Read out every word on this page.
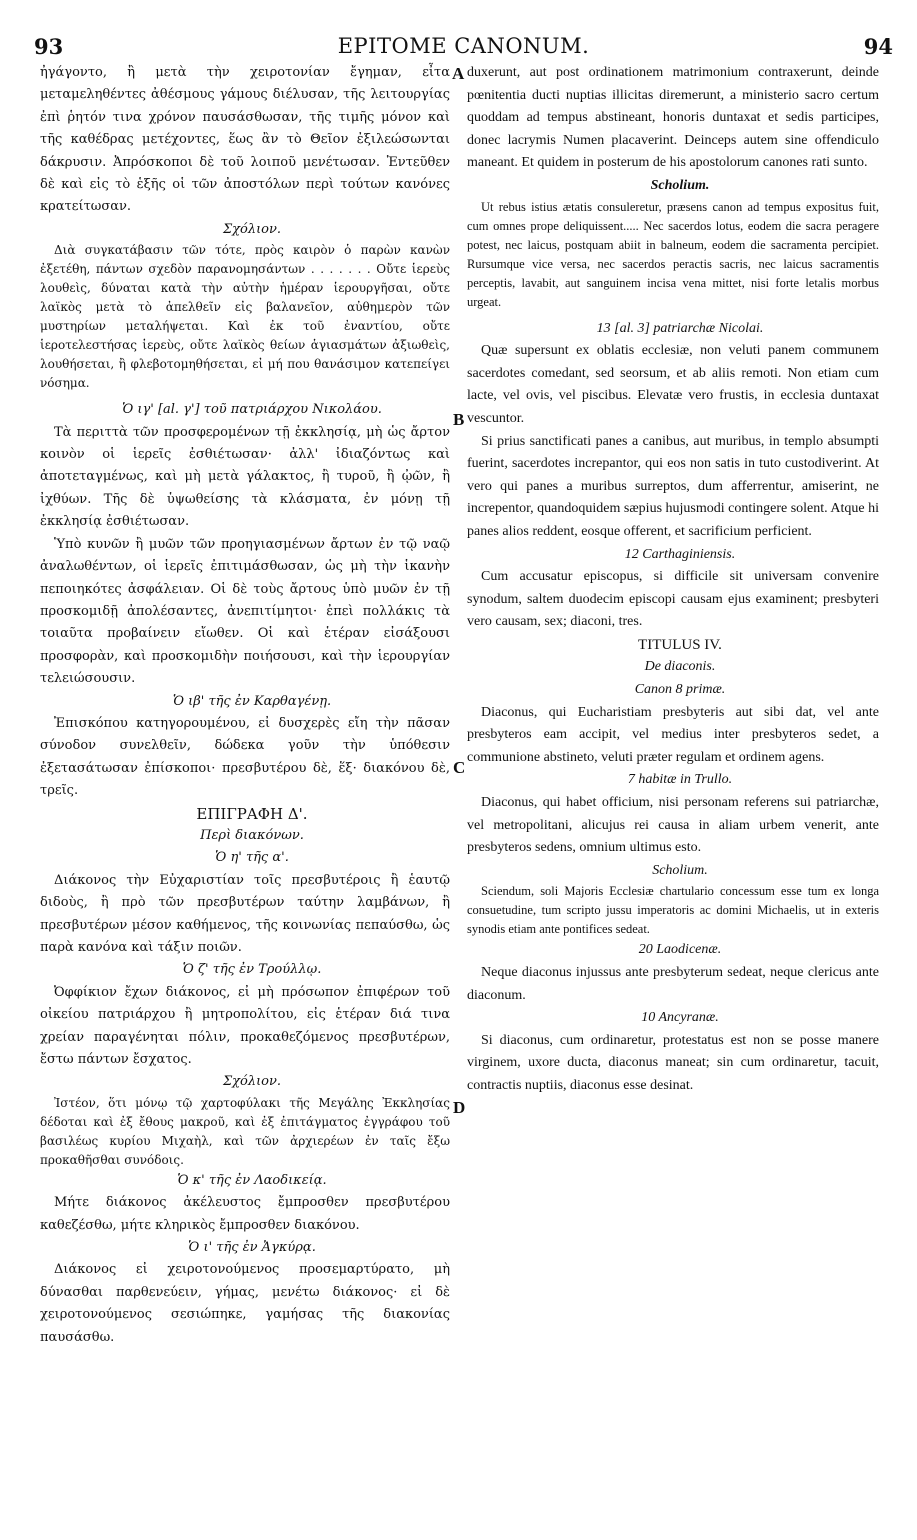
93	EPITOME CANONUM.	94
A
B
C
D

ἠγάγοντο, ἢ μετὰ τὴν χειροτονίαν ἔγημαν, εἶτα μεταμεληθέντες ἀθέσμους γάμους διέλυσαν, τῆς λειτουργίας ἐπὶ ῥητόν τινα χρόνον παυσάσθωσαν, τῆς τιμῆς μόνον καὶ τῆς καθέδρας μετέχοντες, ἕως ἂν τὸ Θεῖον ἐξιλεώσωνται δάκρυσιν. Ἀπρόσκοποι δὲ τοῦ λοιποῦ μενέτωσαν. Ἐντεῦθεν δὲ καὶ εἰς τὸ ἑξῆς οἱ τῶν ἀποστόλων περὶ τούτων κανόνες κρατείτωσαν.

Σχόλιον.

Διὰ συγκατάβασιν τῶν τότε, πρὸς καιρὸν ὁ παρὼν κανὼν ἐξετέθη, πάντων σχεδὸν παρανομησάντων . . . . . . . Οὔτε ἱερεὺς λουθεὶς, δύναται κατὰ τὴν αὐτὴν ἡμέραν ἱερουργῆσαι, οὔτε λαϊκὸς μετὰ τὸ ἀπελθεῖν εἰς βαλανεῖον, αὐθημερὸν τῶν μυστηρίων μεταλήψεται. Καὶ ἐκ τοῦ ἐναντίου, οὔτε ἱεροτελεστήσας ἱερεὺς, οὔτε λαϊκὸς θείων ἁγιασμάτων ἀξιωθεὶς, λουθήσεται, ἢ φλεβοτομηθήσεται, εἰ μή που θανάσιμον κατεπείγει νόσημα.

Ὁ ιγ' [al. γ'] τοῦ πατριάρχου Νικολάου.

Τὰ περιττὰ τῶν προσφερομένων τῇ ἐκκλησίᾳ, μὴ ὡς ἄρτον κοινὸν οἱ ἱερεῖς ἐσθιέτωσαν· ἀλλ' ἰδιαζόντως καὶ ἀποτεταγμένως, καὶ μὴ μετὰ γάλακτος, ἢ τυροῦ, ἢ ᾠῶν, ἢ ἰχθύων. Τῆς δὲ ὑψωθείσης τὰ κλάσματα, ἐν μόνῃ τῇ ἐκκλησίᾳ ἐσθιέτωσαν.

Ὑπὸ κυνῶν ἢ μυῶν τῶν προηγιασμένων ἄρτων ἐν τῷ ναῷ ἀναλωθέντων, οἱ ἱερεῖς ἐπιτιμάσθωσαν, ὡς μὴ τὴν ἱκανὴν πεποιηκότες ἀσφάλειαν. Οἱ δὲ τοὺς ἄρτους ὑπὸ μυῶν ἐν τῇ προσκομιδῇ ἀπολέσαντες, ἀνεπιτίμητοι· ἐπεὶ πολλάκις τὰ τοιαῦτα προβαίνειν εἴωθεν. Οἱ καὶ ἑτέραν εἰσάξουσι προσφορὰν, καὶ προσκομιδὴν ποιήσουσι, καὶ τὴν ἱερουργίαν τελειώσουσιν.

Ὁ ιβ' τῆς ἐν Καρθαγένῃ.

Ἐπισκόπου κατηγορουμένου, εἰ δυσχερὲς εἴη τὴν πᾶσαν σύνοδον συνελθεῖν, δώδεκα γοῦν τὴν ὑπόθεσιν ἐξετασάτωσαν ἐπίσκοποι· πρεσβυτέρου δὲ, ἕξ· διακόνου δὲ, τρεῖς.

ΕΠΙΓΡΑΦΗ Δ'.

Περὶ διακόνων.

Ὁ η' τῆς α'.

Διάκονος τὴν Εὐχαριστίαν τοῖς πρεσβυτέροις ἢ ἑαυτῷ διδοὺς, ἢ πρὸ τῶν πρεσβυτέρων ταύτην λαμβάνων, ἢ πρεσβυτέρων μέσον καθήμενος, τῆς κοινωνίας πεπαύσθω, ὡς παρὰ κανόνα καὶ τάξιν ποιῶν.

Ὁ ζ' τῆς ἐν Τρούλλῳ.

Ὀφφίκιον ἔχων διάκονος, εἰ μὴ πρόσωπον ἐπιφέρων τοῦ οἰκείου πατριάρχου ἢ μητροπολίτου, εἰς ἑτέραν διά τινα χρείαν παραγένηται πόλιν, προκαθεζόμενος πρεσβυτέρων, ἔστω πάντων ἔσχατος.

Σχόλιον.

Ἰστέον, ὅτι μόνῳ τῷ χαρτοφύλακι τῆς Μεγάλης Ἐκκλησίας δέδοται καὶ ἐξ ἔθους μακροῦ, καὶ ἐξ ἐπιτάγματος ἐγγράφου τοῦ βασιλέως κυρίου Μιχαὴλ, καὶ τῶν ἀρχιερέων ἐν ταῖς ἔξω προκαθῆσθαι συνόδοις.

Ὁ κ' τῆς ἐν Λαοδικείᾳ.

Μήτε διάκονος ἀκέλευστος ἔμπροσθεν πρεσβυτέρου καθεζέσθω, μήτε κληρικὸς ἔμπροσθεν διακόνου.

Ὁ ι' τῆς ἐν Ἀγκύρᾳ.

Διάκονος εἰ χειροτονούμενος προσεμαρτύρατο, μὴ δύνασθαι παρθενεύειν, γήμας, μενέτω διάκονος· εἰ δὲ χειροτονούμενος σεσιώπηκε, γαμήσας τῆς διακονίας παυσάσθω.

duxerunt, aut post ordinationem matrimonium contraxerunt, deinde pœnitentia ducti nuptias illicitas diremerunt, a ministerio sacro certum quoddam ad tempus abstineant, honoris duntaxat et sedis participes, donec lacrymis Numen placaverint. Deinceps autem sine offendiculo maneant. Et quidem in posterum de his apostolorum canones rati sunto.

Scholium.

Ut rebus istius ætatis consuleretur, præsens canon ad tempus expositus fuit, cum omnes prope deliquissent..... Nec sacerdos lotus, eodem die sacra peragere potest, nec laicus, postquam abiit in balneum, eodem die sacramenta percipiet. Rursumque vice versa, nec sacerdos peractis sacris, nec laicus sacramentis perceptis, lavabit, aut sanguinem incisa vena mittet, nisi forte letalis morbus urgeat.

13 [al. 3] patriarchæ Nicolai.

Quæ supersunt ex oblatis ecclesiæ, non veluti panem communem sacerdotes comedant, sed seorsum, et ab aliis remoti. Non etiam cum lacte, vel ovis, vel piscibus. Elevatæ vero frustis, in ecclesia duntaxat vescuntor.

Si prius sanctificati panes a canibus, aut muribus, in templo absumpti fuerint, sacerdotes increpantor, qui eos non satis in tuto custodiverint. At vero qui panes a muribus surreptos, dum afferrentur, amiserint, ne increpentor, quandoquidem sæpius hujusmodi contingere solent. Atque hi panes alios reddent, eosque offerent, et sacrificium perficient.

12 Carthaginiensis.

Cum accusatur episcopus, si difficile sit universam convenire synodum, saltem duodecim episcopi causam ejus examinent; presbyteri vero causam, sex; diaconi, tres.

TITULUS IV.

De diaconis.

Canon 8 primæ.

Diaconus, qui Eucharistiam presbyteris aut sibi dat, vel ante presbyteros eam accipit, vel medius inter presbyteros sedet, a communione abstineto, veluti præter regulam et ordinem agens.

7 habitæ in Trullo.

Diaconus, qui habet officium, nisi personam referens sui patriarchæ, vel metropolitani, alicujus rei causa in aliam urbem venerit, ante presbyteros sedens, omnium ultimus esto.

Scholium.

Sciendum, soli Majoris Ecclesiæ chartulario concessum esse tum ex longa consuetudine, tum scripto jussu imperatoris ac domini Michaelis, ut in exteris synodis etiam ante pontifices sedeat.

20 Laodicenæ.

Neque diaconus injussus ante presbyterum sedeat, neque clericus ante diaconum.

10 Ancyranæ.

Si diaconus, cum ordinaretur, protestatus est non se posse manere virginem, uxore ducta, diaconus maneat; sin cum ordinaretur, tacuit, contractis nuptiis, diaconus esse desinat.
